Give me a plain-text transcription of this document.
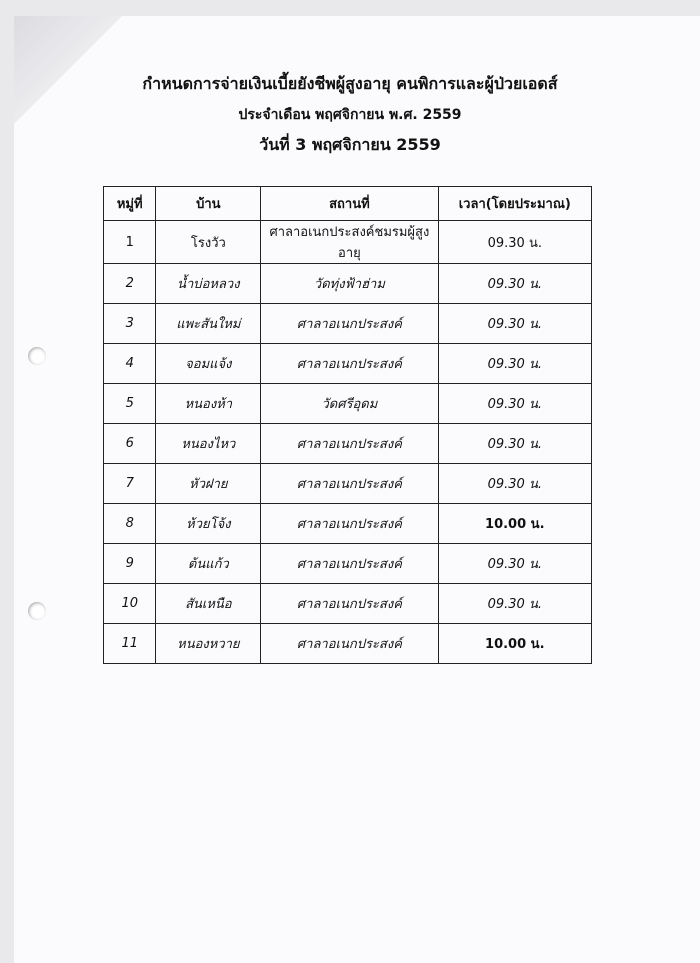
กำหนดการจ่ายเงินเบี้ยยังชีพผู้สูงอายุ คนพิการและผู้ป่วยเอดส์
ประจำเดือน พฤศจิกายน พ.ศ. 2559
วันที่ 3 พฤศจิกายน 2559
หมู่ที่	บ้าน	สถานที่	เวลา(โดยประมาณ)
1	โรงวัว	ศาลาอเนกประสงค์ชมรมผู้สูงอายุ	09.30 น.
2	น้ำบ่อหลวง	วัดทุ่งฟ้าฮ่าม	09.30 น.
3	แพะสันใหม่	ศาลาอเนกประสงค์	09.30 น.
4	จอมแจ้ง	ศาลาอเนกประสงค์	09.30 น.
5	หนองห้า	วัดศรีอุดม	09.30 น.
6	หนองไหว	ศาลาอเนกประสงค์	09.30 น.
7	หัวฝาย	ศาลาอเนกประสงค์	09.30 น.
8	ห้วยโจ้ง	ศาลาอเนกประสงค์	10.00 น.
9	ต้นแก้ว	ศาลาอเนกประสงค์	09.30 น.
10	สันเหนือ	ศาลาอเนกประสงค์	09.30 น.
11	หนองหวาย	ศาลาอเนกประสงค์	10.00 น.
